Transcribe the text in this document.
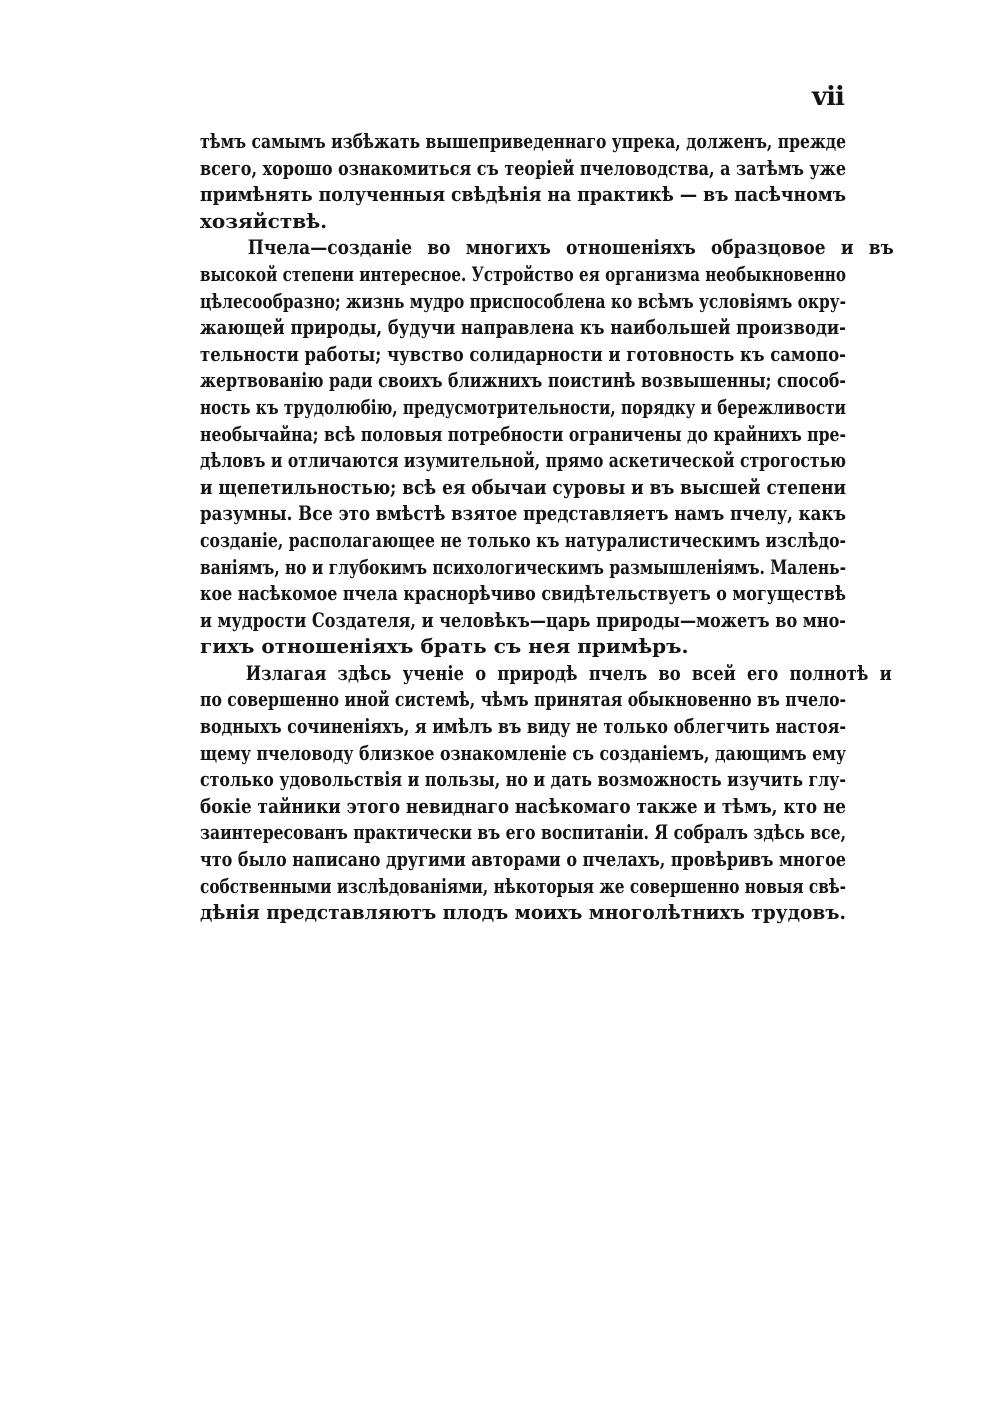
vii
тѣмъ самымъ избѣжать вышеприведеннаго упрека, долженъ, прежде
всего, хорошо ознакомиться съ теоріей пчеловодства, а затѣмъ уже
примѣнять полученныя свѣдѣнія на практикѣ — въ пасѣчномъ
хозяйствѣ.
Пчела—созданіе во многихъ отношеніяхъ образцовое и въ
высокой степени интересное. Устройство ея организма необыкновенно
цѣлесообразно; жизнь мудро приспособлена ко всѣмъ условіямъ окру-
жающей природы, будучи направлена къ наибольшей производи-
тельности работы; чувство солидарности и готовность къ самопо-
жертвованію ради своихъ ближнихъ поистинѣ возвышенны; способ-
ность къ трудолюбію, предусмотрительности, порядку и бережливости
необычайна; всѣ половыя потребности ограничены до крайнихъ пре-
дѣловъ и отличаются изумительной, прямо аскетической строгостью
и щепетильностью; всѣ ея обычаи суровы и въ высшей степени
разумны. Все это вмѣстѣ взятое представляетъ намъ пчелу, какъ
созданіе, располагающее не только къ натуралистическимъ изслѣдо-
ваніямъ, но и глубокимъ психологическимъ размышленіямъ. Малень-
кое насѣкомое пчела краснорѣчиво свидѣтельствуетъ о могуществѣ
и мудрости Создателя, и человѣкъ—царь природы—можетъ во мно-
гихъ отношеніяхъ брать съ нея примѣръ.
Излагая здѣсь ученіе о природѣ пчелъ во всей его полнотѣ и
по совершенно иной системѣ, чѣмъ принятая обыкновенно въ пчело-
водныхъ сочиненіяхъ, я имѣлъ въ виду не только облегчить настоя-
щему пчеловоду близкое ознакомленіе съ созданіемъ, дающимъ ему
столько удовольствія и пользы, но и дать возможность изучить глу-
бокіе тайники этого невиднаго насѣкомаго также и тѣмъ, кто не
заинтересованъ практически въ его воспитаніи. Я собралъ здѣсь все,
что было написано другими авторами о пчелахъ, провѣривъ многое
собственными изслѣдованіями, нѣкоторыя же совершенно новыя свѣ-
дѣнія представляютъ плодъ моихъ многолѣтнихъ трудовъ.
